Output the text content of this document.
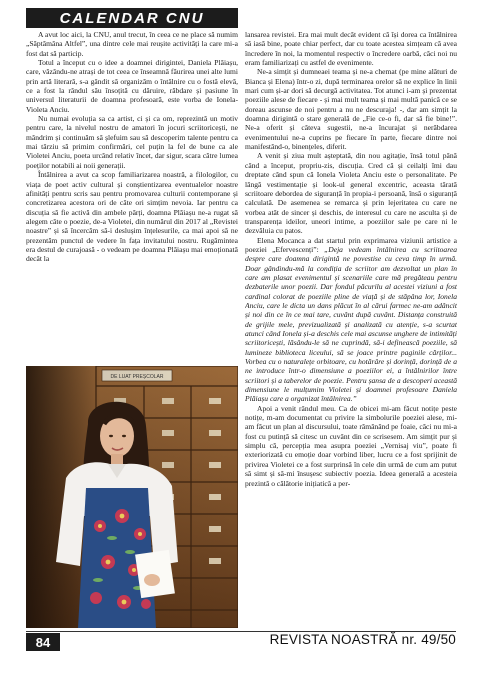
CALENDAR CNU

A avut loc aici, la CNU, anul trecut, în ceea ce ne place să numim „Săptămâna Altfel”, una dintre cele mai reușite activități la care mi-a fost dat să particip.

Totul a început cu o idee a doamnei dirigintei, Daniela Plăiașu, care, văzându-ne atrași de tot ceea ce înseamnă făurirea unei alte lumi prin artă literară, s-a gândit să organizăm o întâlnire cu o fostă elevă, ce a fost la rândul său însoțită cu dăruire, răbdare și pasiune în universul literaturii de doamna profesoară, este vorba de Ionela-Violeta Anciu.

Nu numai evoluția sa ca artist, ci și ca om, reprezintă un motiv pentru care, la nivelul nostru de amatori în jocuri scriitoricești, ne mândrim și continuăm să șlefuim sau să descoperim talente pentru ca mai târziu să primim confirmări, cel puțin la fel de bune ca ale Violetei Anciu, poeta urcând relativ încet, dar sigur, scara către lumea poeților notabili ai noii generații.

Întâlnirea a avut ca scop familiarizarea noastră, a filologilor, cu viața de poet activ cultural și conștientizarea eventualelor noastre afinități pentru scris sau pentru promovarea culturii contemporane și concretizarea acestora ori de câte ori simțim nevoia. Iar pentru ca discuția să fie activă din ambele părți, doamna Plăiașu ne-a rugat să alegem câte o poezie, de-a Violetei, din numărul din 2017 al „Revistei noastre” și să încercăm să-i deslușim înțelesurile, ca mai apoi să ne prezentăm punctul de vedere în fața invitatului nostru. Rugămintea era destul de curajoasă - o vedeam pe doamna Plăiașu mai emoționată decât la

lansarea revistei. Era mai mult decât evident că își dorea ca întâlnirea să iasă bine, poate chiar perfect, dar cu toate acestea simțeam că avea încredere în noi, la momentul respectiv o încredere oarbă, căci noi nu eram familiarizați cu astfel de evenimente.

Ne-a simțit și dumneaei teama și ne-a chemat (pe mine alături de Bianca și Elena) într-o zi, după terminarea orelor să ne explice în linii mari cum și-ar dori să decurgă activitatea. Tot atunci i-am și prezentat poeziile alese de fiecare - și mai mult teama și mai multă panică ce se doreau ascunse de noi pentru a nu ne descuraja! -, dar am simțit la doamna dirigintă o stare generală de „Fie ce-o fi, dar să fie bine!”. Ne-a oferit și câteva sugestii, ne-a încurajat și nerăbdarea evenimentului ne-a cuprins pe fiecare în parte, fiecare dintre noi manifestând-o, binențeles, diferit.

A venit și ziua mult așteptată, din nou agitație, însă totul până când a început, propriu-zis, discuția. Cred că și ceilalți îmi dau dreptate când spun că Ionela Violeta Anciu este o personalitate. Pe lângă vestimentație și look-ul general excentric, aceasta târată scriitoare debordea de siguranță în propia-i persoană, însă o siguranță calculată. De asemenea se remarca și prin lejeritatea cu care ne vorbea atât de sincer și deschis, de interesul cu care ne asculta și de transparența ideilor, uneori intime, a poeziilor sale pe care ni le dezvăluia cu patos.

Elena Mocanca a dat startul prin exprimarea viziunii artistice a poeziei „Efervescenți”: „Deja vedeam întâlnirea cu scriitoarea despre care doamna dirigintă ne povestise cu ceva timp în urmă. Doar gândindu-mă la condiția de scriitor am dezvoltat un plan în care am plasat evenimentul și scenariile care mă pregăteau pentru dezbaterile unor poezii. Dar fondul păcurilu al acestei viziuni a fost cardinal colorat de poeziile pline de viață și de stăpâna lor, Ionela Anciu, care le dicta un dans plăcut în al cărui farmec ne-am adâncit și noi din ce în ce mai tare, cuvânt după cuvânt. Distanța construită de grijile mele, previzualizată și analizată cu atenție, s-a scurtat atunci când Ionela și-a deschis cele mai ascunse unghere de intimități scriitoricești, lăsându-le să ne cuprindă, să-i definească poeziile, să lumineze biblioteca liceului, să se joace printre paginile cărților... Vorbea cu o naturalețe orbitoare, cu hotărâre și dorință, dorință de a ne introduce într-o dimensiune a poeziilor ei, a întâlnirilor între scriitori și a taberelor de poezie. Pentru șansa de a descoperi această dimensiune le mulțumim Violetei și doamnei profesoare Daniela Plăiașu care a organizat întâlnirea.”

Apoi a venit rândul meu. Ca de obicei mi-am făcut notițe peste notițe, m-am documentat cu privire la simbolurile poeziei alese, mi-am făcut un plan al discursului, toate rămânând pe foaie, căci nu mi-a fost cu putință să citesc un cuvânt din ce scrisesem. Am simțit pur și simplu că, percepția mea asupra poeziei „Vernisaj viu”, poate fi exteriorizată cu emoție doar vorbind liber, lucru ce a fost sprijinit de privirea Violetei ce a fost surprinsă în cele din urmă de cum am putut să simt și să-mi însușesc subiectiv poezia. Ideea generală a acesteia prezintă o călătorie inițiatică a per-

84	REVISTA NOASTRĂ nr. 49/50
